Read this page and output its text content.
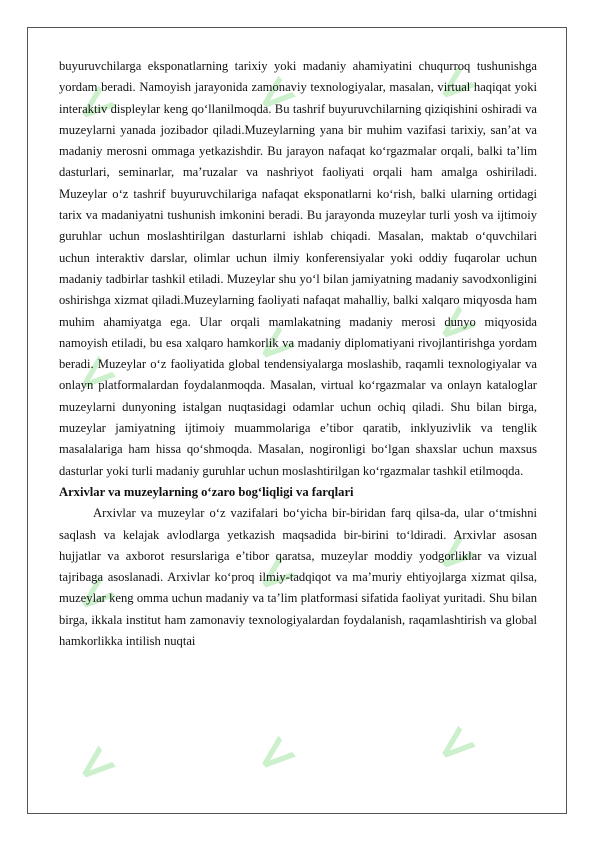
<	<	<
<	<	<
<	<	<
<	<	<

buyuruvchilarga eksponatlarning tarixiy yoki madaniy ahamiyatini chuqurroq tushunishga yordam beradi. Namoyish jarayonida zamonaviy texnologiyalar, masalan, virtual haqiqat yoki interaktiv displeylar keng qo‘llanilmoqda. Bu tashrif buyuruvchilarning qiziqishini oshiradi va muzeylarni yanada jozibador qiladi.Muzeylarning yana bir muhim vazifasi tarixiy, san’at va madaniy merosni ommaga yetkazishdir. Bu jarayon nafaqat ko‘rgazmalar orqali, balki ta’lim dasturlari, seminarlar, ma’ruzalar va nashriyot faoliyati orqali ham amalga oshiriladi. Muzeylar o‘z tashrif buyuruvchilariga nafaqat eksponatlarni ko‘rish, balki ularning ortidagi tarix va madaniyatni tushunish imkonini beradi. Bu jarayonda muzeylar turli yosh va ijtimoiy guruhlar uchun moslashtirilgan dasturlarni ishlab chiqadi. Masalan, maktab o‘quvchilari uchun interaktiv darslar, olimlar uchun ilmiy konferensiyalar yoki oddiy fuqarolar uchun madaniy tadbirlar tashkil etiladi. Muzeylar shu yo‘l bilan jamiyatning madaniy savodxonligini oshirishga xizmat qiladi.Muzeylarning faoliyati nafaqat mahalliy, balki xalqaro miqyosda ham muhim ahamiyatga ega. Ular orqali mamlakatning madaniy merosi dunyo miqyosida namoyish etiladi, bu esa xalqaro hamkorlik va madaniy diplomatiyani rivojlantirishga yordam beradi. Muzeylar o‘z faoliyatida global tendensiyalarga moslashib, raqamli texnologiyalar va onlayn platformalardan foydalanmoqda. Masalan, virtual ko‘rgazmalar va onlayn kataloglar muzeylarni dunyoning istalgan nuqtasidagi odamlar uchun ochiq qiladi. Shu bilan birga, muzeylar jamiyatning ijtimoiy muammolariga e’tibor qaratib, inklyuzivlik va tenglik masalalariga ham hissa qo‘shmoqda. Masalan, nogironligi bo‘lgan shaxslar uchun maxsus dasturlar yoki turli madaniy guruhlar uchun moslashtirilgan ko‘rgazmalar tashkil etilmoqda.

Arxivlar va muzeylarning o‘zaro bog‘liqligi va farqlari

Arxivlar va muzeylar o‘z vazifalari bo‘yicha bir-biridan farq qilsa-da, ular o‘tmishni saqlash va kelajak avlodlarga yetkazish maqsadida bir-birini to‘ldiradi. Arxivlar asosan hujjatlar va axborot resurslariga e’tibor qaratsa, muzeylar moddiy yodgorliklar va vizual tajribaga asoslanadi. Arxivlar ko‘proq ilmiy-tadqiqot va ma’muriy ehtiyojlarga xizmat qilsa, muzeylar keng omma uchun madaniy va ta’lim platformasi sifatida faoliyat yuritadi. Shu bilan birga, ikkala institut ham zamonaviy texnologiyalardan foydalanish, raqamlashtirish va global hamkorlikka intilish nuqtai
